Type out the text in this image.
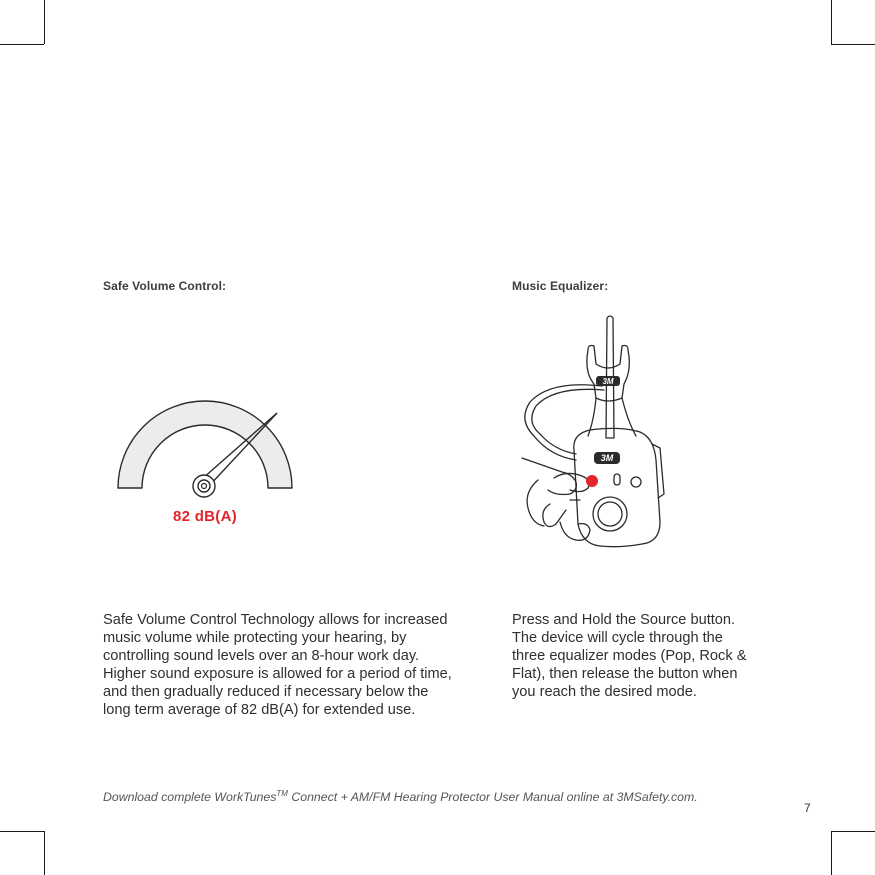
Safe Volume Control:	Music Equalizer:
82 dB(A)
3M
3M

Safe Volume Control Technology allows for increased
music volume while protecting your hearing, by
controlling sound levels over an 8-hour work day.
Higher sound exposure is allowed for a period of time,
and then gradually reduced if necessary below the
long term average of 82 dB(A) for extended use.

Press and Hold the Source button.
The device will cycle through the
three equalizer modes (Pop, Rock &
Flat), then release the button when
you reach the desired mode.

Download complete WorkTunes™ Connect + AM/FM Hearing Protector User Manual online at 3MSafety.com.
7
